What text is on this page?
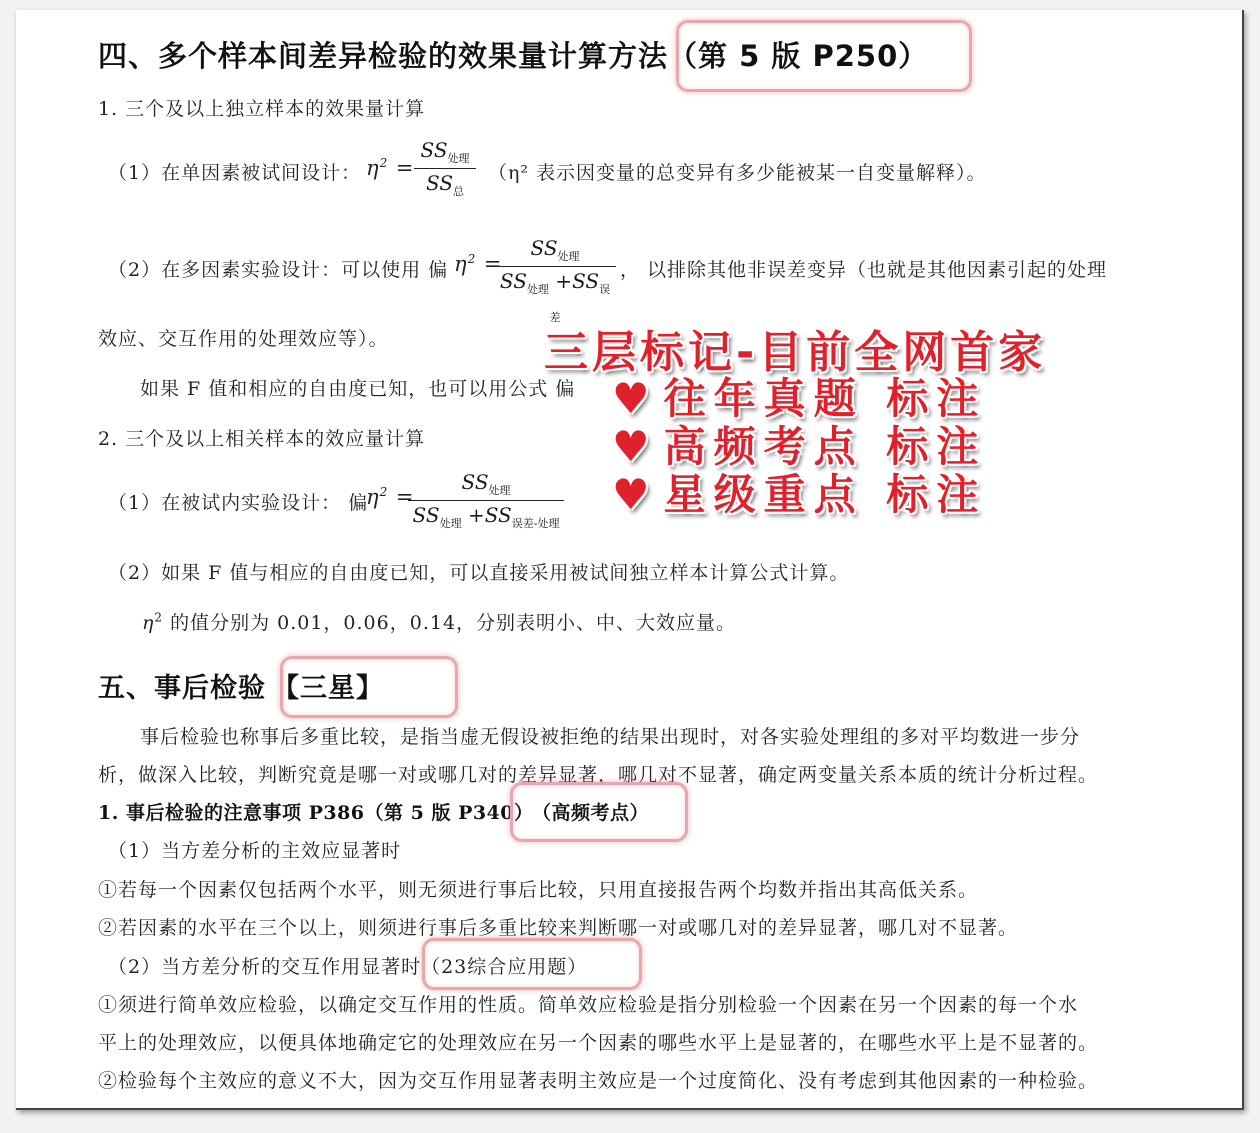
四、多个样本间差异检验的效果量计算方法（第 5 版 P250）
1. 三个及以上独立样本的效果量计算
（1）在单因素被试间设计： $\eta^2$ =
$SS_{处理}$
$SS_总$
（η² 表示因变量的总变异有多少能被某一自变量解释）。
（2）在多因素实验设计：可以使用 偏 $\eta^2$ =
$SS_{处理}$
$SS_{处理} +SS_{误差}$
， 以排除其他非误差变异（也就是其他因素引起的处理
效应、交互作用的处理效应等）。
如果 F 值和相应的自由度已知，也可以用公式 偏
2. 三个及以上相关样本的效应量计算
（1）在被试内实验设计： 偏
$\eta^2$ =
$SS_{处理}$
$SS_{处理} +SS_{误差-处理}$
（2）如果 F 值与相应的自由度已知，可以直接采用被试间独立样本计算公式计算。
$\eta^2$ 的值分别为 0.01，0.06，0.14，分别表明小、中、大效应量。
五、事后检验 【三星】
事后检验也称事后多重比较，是指当虚无假设被拒绝的结果出现时，对各实验处理组的多对平均数进一步分
析，做深入比较，判断究竟是哪一对或哪几对的差异显著，哪几对不显著，确定两变量关系本质的统计分析过程。
1. 事后检验的注意事项 P386（第 5 版 P340） （高频考点）
（1）当方差分析的主效应显著时
①若每一个因素仅包括两个水平，则无须进行事后比较，只用直接报告两个均数并指出其高低关系。
②若因素的水平在三个以上，则须进行事后多重比较来判断哪一对或哪几对的差异显著，哪几对不显著。
（2）当方差分析的交互作用显著时（23综合应用题）
①须进行简单效应检验，以确定交互作用的性质。简单效应检验是指分别检验一个因素在另一个因素的每一个水
平上的处理效应，以便具体地确定它的处理效应在另一个因素的哪些水平上是显著的，在哪些水平上是不显著的。
②检验每个主效应的意义不大，因为交互作用显著表明主效应是一个过度简化、没有考虑到其他因素的一种检验。
三层标记-目前全网首家
♥ 往年真题 标注
♥ 高频考点 标注
♥ 星级重点 标注
